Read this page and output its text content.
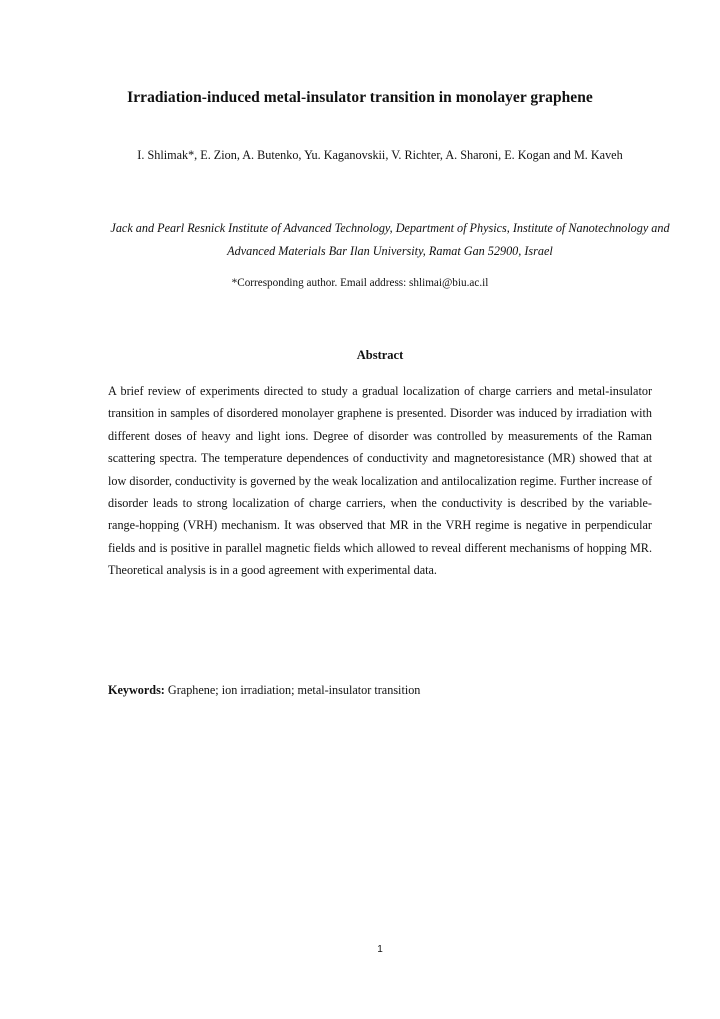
Irradiation-induced metal-insulator transition in monolayer graphene
I. Shlimak*, E. Zion, A. Butenko, Yu. Kaganovskii, V. Richter, A. Sharoni, E. Kogan and M. Kaveh
Jack and Pearl Resnick Institute of Advanced Technology, Department of Physics, Institute of Nanotechnology and Advanced Materials Bar Ilan University, Ramat Gan 52900, Israel
*Corresponding author. Email address: shlimai@biu.ac.il
Abstract

A brief review of experiments directed to study a gradual localization of charge carriers and metal-insulator transition in samples of disordered monolayer graphene is presented. Disorder was induced by irradiation with different doses of heavy and light ions. Degree of disorder was controlled by measurements of the Raman scattering spectra. The temperature dependences of conductivity and magnetoresistance (MR) showed that at low disorder, conductivity is governed by the weak localization and antilocalization regime. Further increase of disorder leads to strong localization of charge carriers, when the conductivity is described by the variable-range-hopping (VRH) mechanism. It was observed that MR in the VRH regime is negative in perpendicular fields and is positive in parallel magnetic fields which allowed to reveal different mechanisms of hopping MR. Theoretical analysis is in a good agreement with experimental data.

Keywords: Graphene; ion irradiation; metal-insulator transition
1
